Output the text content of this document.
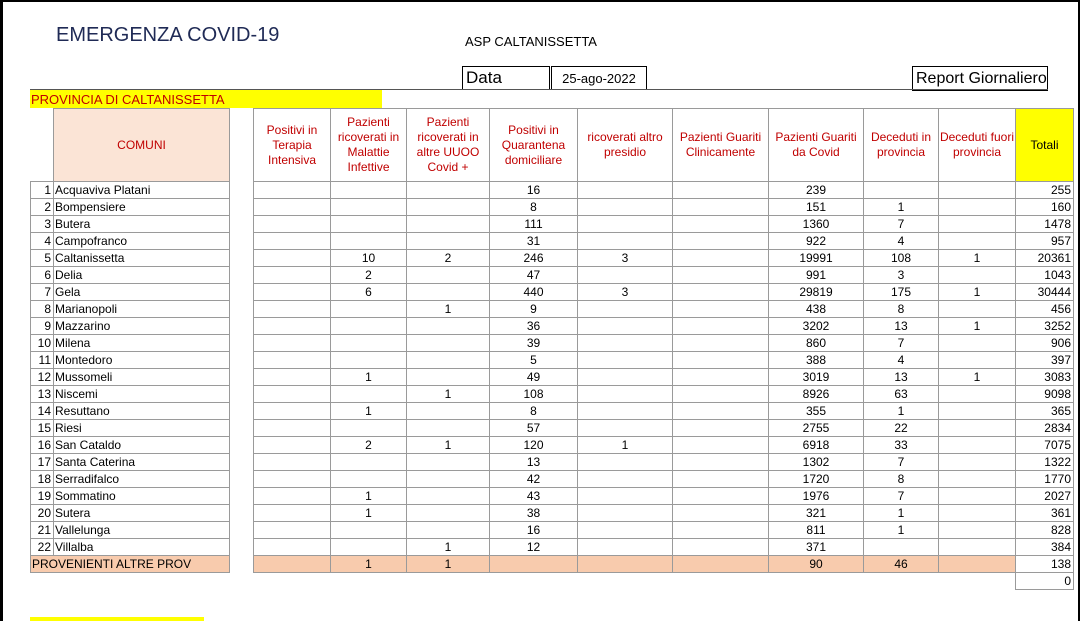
EMERGENZA COVID-19	ASP CALTANISSETTA
Data	25-ago-2022	Report Giornaliero
PROVINCIA DI CALTANISSETTA
	COMUNI		Positivi in Terapia Intensiva	Pazienti ricoverati in Malattie Infettive	Pazienti ricoverati in altre UUOO Covid +	Positivi in Quarantena domiciliare	ricoverati altro presidio	Pazienti Guariti Clinicamente	Pazienti Guariti da Covid	Deceduti in provincia	Deceduti fuori provincia	Totali
1	Acquaviva Platani					16			239			255
2	Bompensiere					8			151	1		160
3	Butera					111			1360	7		1478
4	Campofranco					31			922	4		957
5	Caltanissetta			10	2	246	3		19991	108	1	20361
6	Delia			2		47			991	3		1043
7	Gela			6		440	3		29819	175	1	30444
8	Marianopoli				1	9			438	8		456
9	Mazzarino					36			3202	13	1	3252
10	Milena					39			860	7		906
11	Montedoro					5			388	4		397
12	Mussomeli			1		49			3019	13	1	3083
13	Niscemi				1	108			8926	63		9098
14	Resuttano			1		8			355	1		365
15	Riesi					57			2755	22		2834
16	San Cataldo			2	1	120	1		6918	33		7075
17	Santa Caterina					13			1302	7		1322
18	Serradifalco					42			1720	8		1770
19	Sommatino			1		43			1976	7		2027
20	Sutera			1		38			321	1		361
21	Vallelunga					16			811	1		828
22	Villalba				1	12			371			384
PROVENIENTI ALTRE PROV				1	1				90	46		138
												0
